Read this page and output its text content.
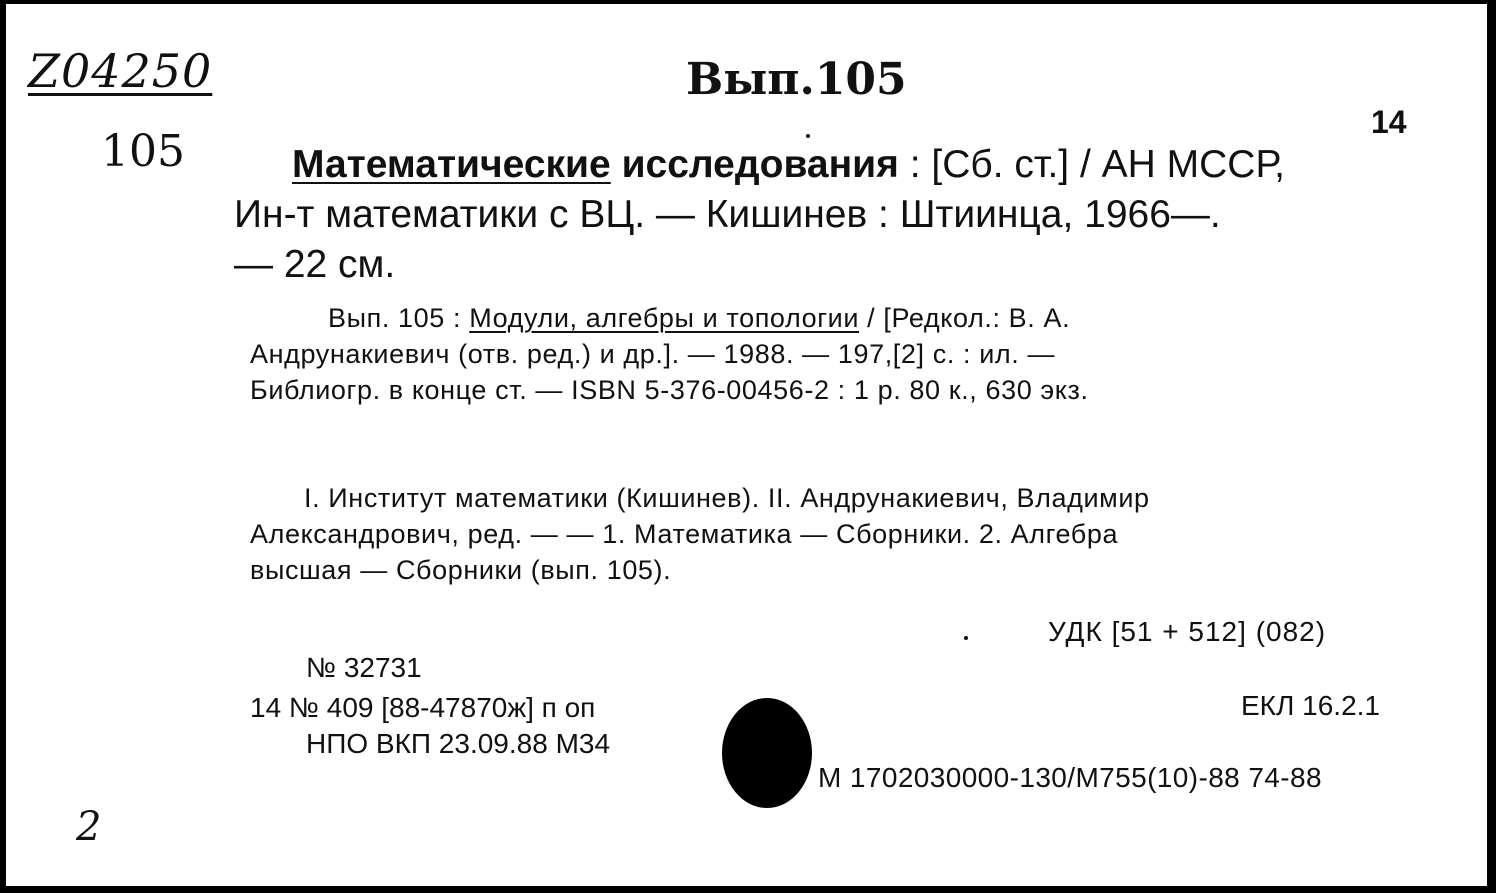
Z04250
105
Вып.105
14
Математические исследования : [Сб. ст.] / АН МССР,
Ин-т математики с ВЦ. — Кишинев : Штиинца, 1966—.
— 22 см.
Вып. 105 : Модули, алгебры и топологии / [Редкол.: В. А.
Андрунакиевич (отв. ред.) и др.]. — 1988. — 197,[2] с. : ил. —
Библиогр. в конце ст. — ISBN 5-376-00456-2 : 1 р. 80 к., 630 экз.
I. Институт математики (Кишинев). II. Андрунакиевич, Владимир
Александрович, ред. — — 1. Математика — Сборники. 2. Алгебра
высшая — Сборники (вып. 105).
УДК [51 + 512] (082)
№ 32731
14 № 409 [88-47870ж] п оп
НПО ВКП 23.09.88 М34
ЕКЛ 16.2.1
М 1702030000-130/М755(10)-88 74-88
2
